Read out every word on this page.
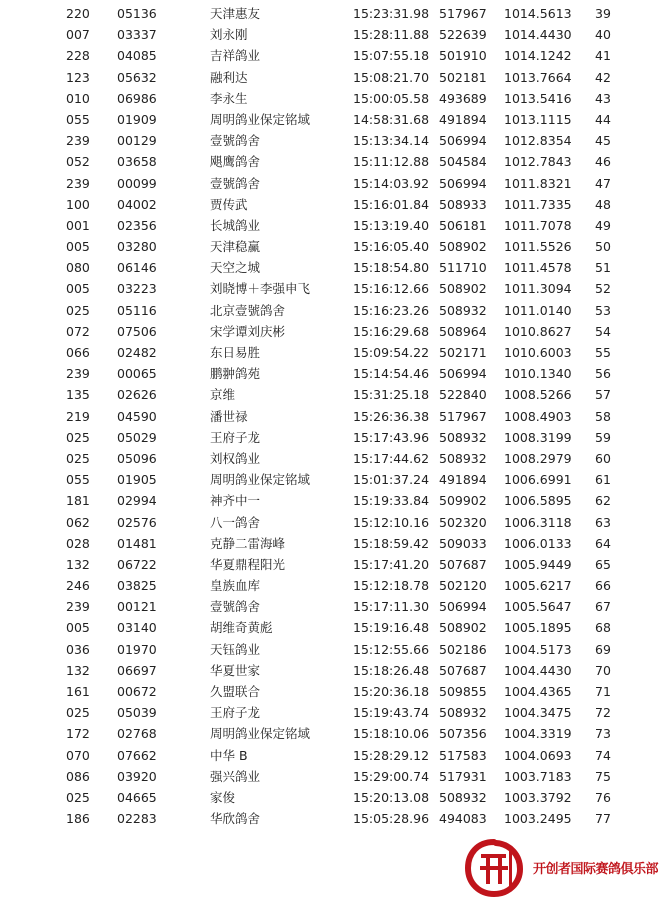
220 05136	天津惠友	15:23:31.98 517967 1014.5613 39
007 03337	刘永刚	15:28:11.88 522639 1014.4430 40
228 04085	吉祥鸽业	15:07:55.18 501910 1014.1242 41
123 05632	融利达	15:08:21.70 502181 1013.7664 42
010 06986	李永生	15:00:05.58 493689 1013.5416 43
055 01909	周明鸽业保定铭域	14:58:31.68 491894 1013.1115 44
239 00129	壹號鸽舍	15:13:34.14 506994 1012.8354 45
052 03658	飓鹰鸽舍	15:11:12.88 504584 1012.7843 46
239 00099	壹號鸽舍	15:14:03.92 506994 1011.8321 47
100 04002	贾传武	15:16:01.84 508933 1011.7335 48
001 02356	长城鸽业	15:13:19.40 506181 1011.7078 49
005 03280	天津稳赢	15:16:05.40 508902 1011.5526 50
080 06146	天空之城	15:18:54.80 511710 1011.4578 51
005 03223	刘晓博＋李强申飞	15:16:12.66 508902 1011.3094 52
025 05116	北京壹號鸽舍	15:16:23.26 508932 1011.0140 53
072 07506	宋学谭刘庆彬	15:16:29.68 508964 1010.8627 54
066 02482	东日易胜	15:09:54.22 502171 1010.6003 55
239 00065	鹏翀鸽苑	15:14:54.46 506994 1010.1340 56
135 02626	京维	15:31:25.18 522840 1008.5266 57
219 04590	潘世禄	15:26:36.38 517967 1008.4903 58
025 05029	王府子龙	15:17:43.96 508932 1008.3199 59
025 05096	刘权鸽业	15:17:44.62 508932 1008.2979 60
055 01905	周明鸽业保定铭域	15:01:37.24 491894 1006.6991 61
181 02994	神齐中一	15:19:33.84 509902 1006.5895 62
062 02576	八一鸽舍	15:12:10.16 502320 1006.3118 63
028 01481	克静二雷海峰	15:18:59.42 509033 1006.0133 64
132 06722	华夏鼎程阳光	15:17:41.20 507687 1005.9449 65
246 03825	皇族血库	15:12:18.78 502120 1005.6217 66
239 00121	壹號鸽舍	15:17:11.30 506994 1005.5647 67
005 03140	胡维奇黄彪	15:19:16.48 508902 1005.1895 68
036 01970	天钰鸽业	15:12:55.66 502186 1004.5173 69
132 06697	华夏世家	15:18:26.48 507687 1004.4430 70
161 00672	久盟联合	15:20:36.18 509855 1004.4365 71
025 05039	王府子龙	15:19:43.74 508932 1004.3475 72
172 02768	周明鸽业保定铭域	15:18:10.06 507356 1004.3319 73
070 07662	中华 B	15:28:29.12 517583 1004.0693 74
086 03920	强兴鸽业	15:29:00.74 517931 1003.7183 75
025 04665	家俊	15:20:13.08 508932 1003.3792 76
186 02283	华欣鸽舍	15:05:28.96 494083 1003.2495 77
开创者国际赛鸽俱乐部
